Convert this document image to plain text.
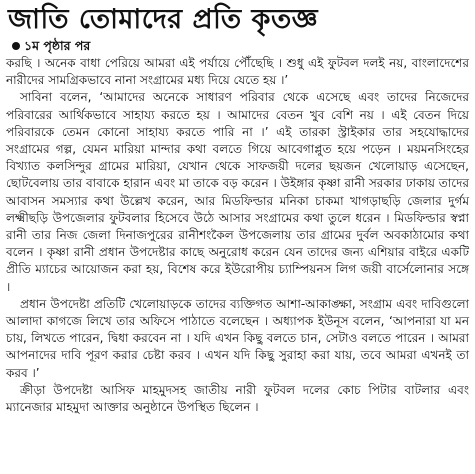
জাতি তোমাদের প্রতি কৃতজ্ঞ
১ম পৃষ্ঠার পর

করছি । অনেক বাধা পেরিয়ে আমরা এই পর্যায়ে পৌঁছেছি । শুধু এই ফুটবল দলই নয়, বাংলাদেশের নারীদের সামগ্রিকভাবে নানা সংগ্রামের মধ্য দিয়ে যেতে হয় ।’

সাবিনা বলেন, ‘আমাদের অনেকে সাধারণ পরিবার থেকে এসেছে এবং তাদের নিজেদের পরিবারের আর্থিকভাবে সাহায্য করতে হয় । আমাদের বেতন খুব বেশি নয় । এই বেতন দিয়ে পরিবারকে তেমন কোনো সাহায্য করতে পারি না ।’ এই তারকা স্ট্রাইকার তার সহযোদ্ধাদের সংগ্রামের গল্প, যেমন মারিয়া মান্দার কথা বলতে গিয়ে আবেগাপ্লুত হয়ে পড়েন । ময়মনসিংহের বিখ্যাত কলসিন্দুর গ্রামের মারিয়া, যেখান থেকে সাফজয়ী দলের ছয়জন খেলোয়াড় এসেছেন, ছোটবেলায় তার বাবাকে হারান এবং মা তাকে বড় করেন । উইঙ্গার কৃষ্ণা রানী সরকার ঢাকায় তাদের আবাসন সমস্যার কথা উল্লেখ করেন, আর মিডফিল্ডার মনিকা চাকমা খাগড়াছড়ি জেলার দুর্গম লক্ষ্মীছড়ি উপজেলার ফুটবলার হিসেবে উঠে আসার সংগ্রামের কথা তুলে ধরেন । মিডফিল্ডার স্বপ্না রানী তার নিজ জেলা দিনাজপুরের রানীশংকৈল উপজেলায় তার গ্রামের দুর্বল অবকাঠামোর কথা বলেন । কৃষ্ণা রানী প্রধান উপদেষ্টার কাছে অনুরোধ করেন যেন তাদের জন্য এশিয়ার বাইরে একটি প্রীতি ম্যাচের আয়োজন করা হয়, বিশেষ করে ইউরোপীয় চ্যাম্পিয়নস লিগ জয়ী বার্সেলোনার সঙ্গে ।

প্রধান উপদেষ্টা প্রতিটি খেলোয়াড়কে তাদের ব্যক্তিগত আশা-আকাঙ্ক্ষা, সংগ্রাম এবং দাবিগুলো আলাদা কাগজে লিখে তার অফিসে পাঠাতে বলেছেন । অধ্যাপক ইউনূস বলেন, ‘আপনারা যা মন চায়, লিখতে পারেন, দ্বিধা করবেন না । যদি এখন কিছু বলতে চান, সেটাও বলতে পারেন । আমরা আপনাদের দাবি পূরণ করার চেষ্টা করব । এখন যদি কিছু সুরাহা করা যায়, তবে আমরা এখনই তা করব ।’

ক্রীড়া উপদেষ্টা আসিফ মাহমুদসহ জাতীয় নারী ফুটবল দলের কোচ পিটার বাটলার এবং ম্যানেজার মাহমুদা আক্তার অনুষ্ঠানে উপস্থিত ছিলেন ।
